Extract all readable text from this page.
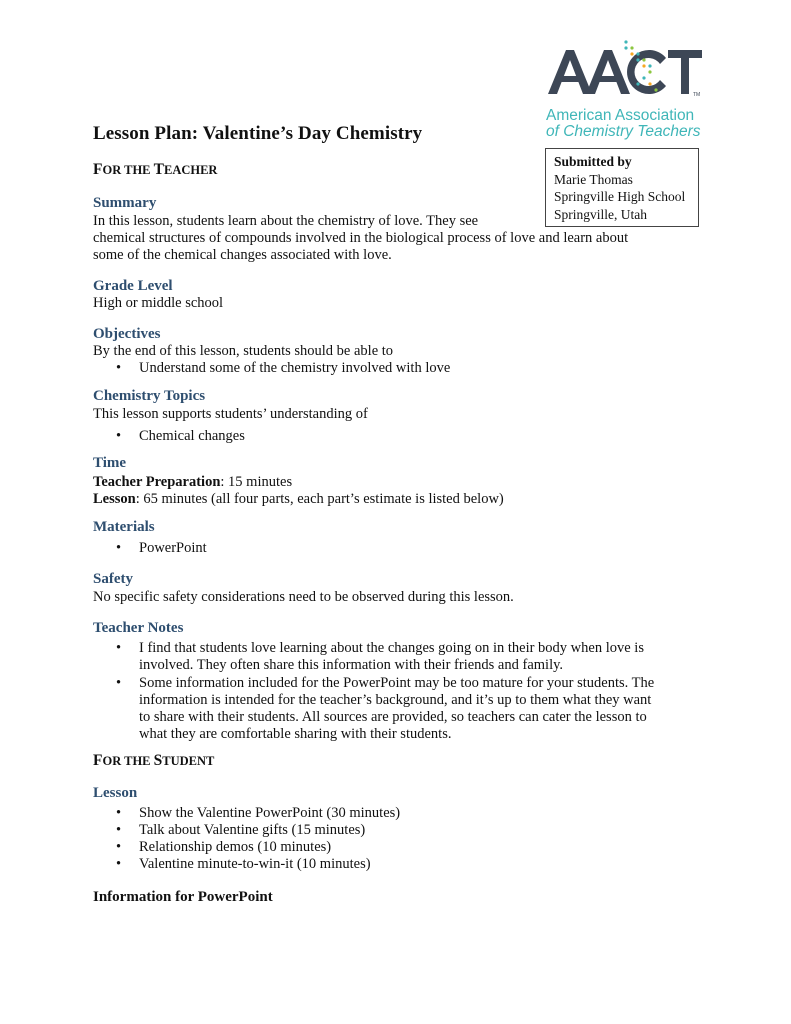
TM
American Association
of Chemistry Teachers
Lesson Plan: Valentine’s Day Chemistry
Submitted by
Marie Thomas
Springville High School
Springville, Utah
FOR THE TEACHER
Summary
In this lesson, students learn about the chemistry of love. They see
chemical structures of compounds involved in the biological process of love and learn about
some of the chemical changes associated with love.
Grade Level
High or middle school
Objectives
By the end of this lesson, students should be able to
• Understand some of the chemistry involved with love
Chemistry Topics
This lesson supports students’ understanding of
• Chemical changes
Time
Teacher Preparation: 15 minutes
Lesson: 65 minutes (all four parts, each part’s estimate is listed below)
Materials
• PowerPoint
Safety
No specific safety considerations need to be observed during this lesson.
Teacher Notes
• I find that students love learning about the changes going on in their body when love is
involved. They often share this information with their friends and family.
• Some information included for the PowerPoint may be too mature for your students. The
information is intended for the teacher’s background, and it’s up to them what they want
to share with their students. All sources are provided, so teachers can cater the lesson to
what they are comfortable sharing with their students.
FOR THE STUDENT
Lesson
• Show the Valentine PowerPoint (30 minutes)
• Talk about Valentine gifts (15 minutes)
• Relationship demos (10 minutes)
• Valentine minute-to-win-it (10 minutes)
Information for PowerPoint
